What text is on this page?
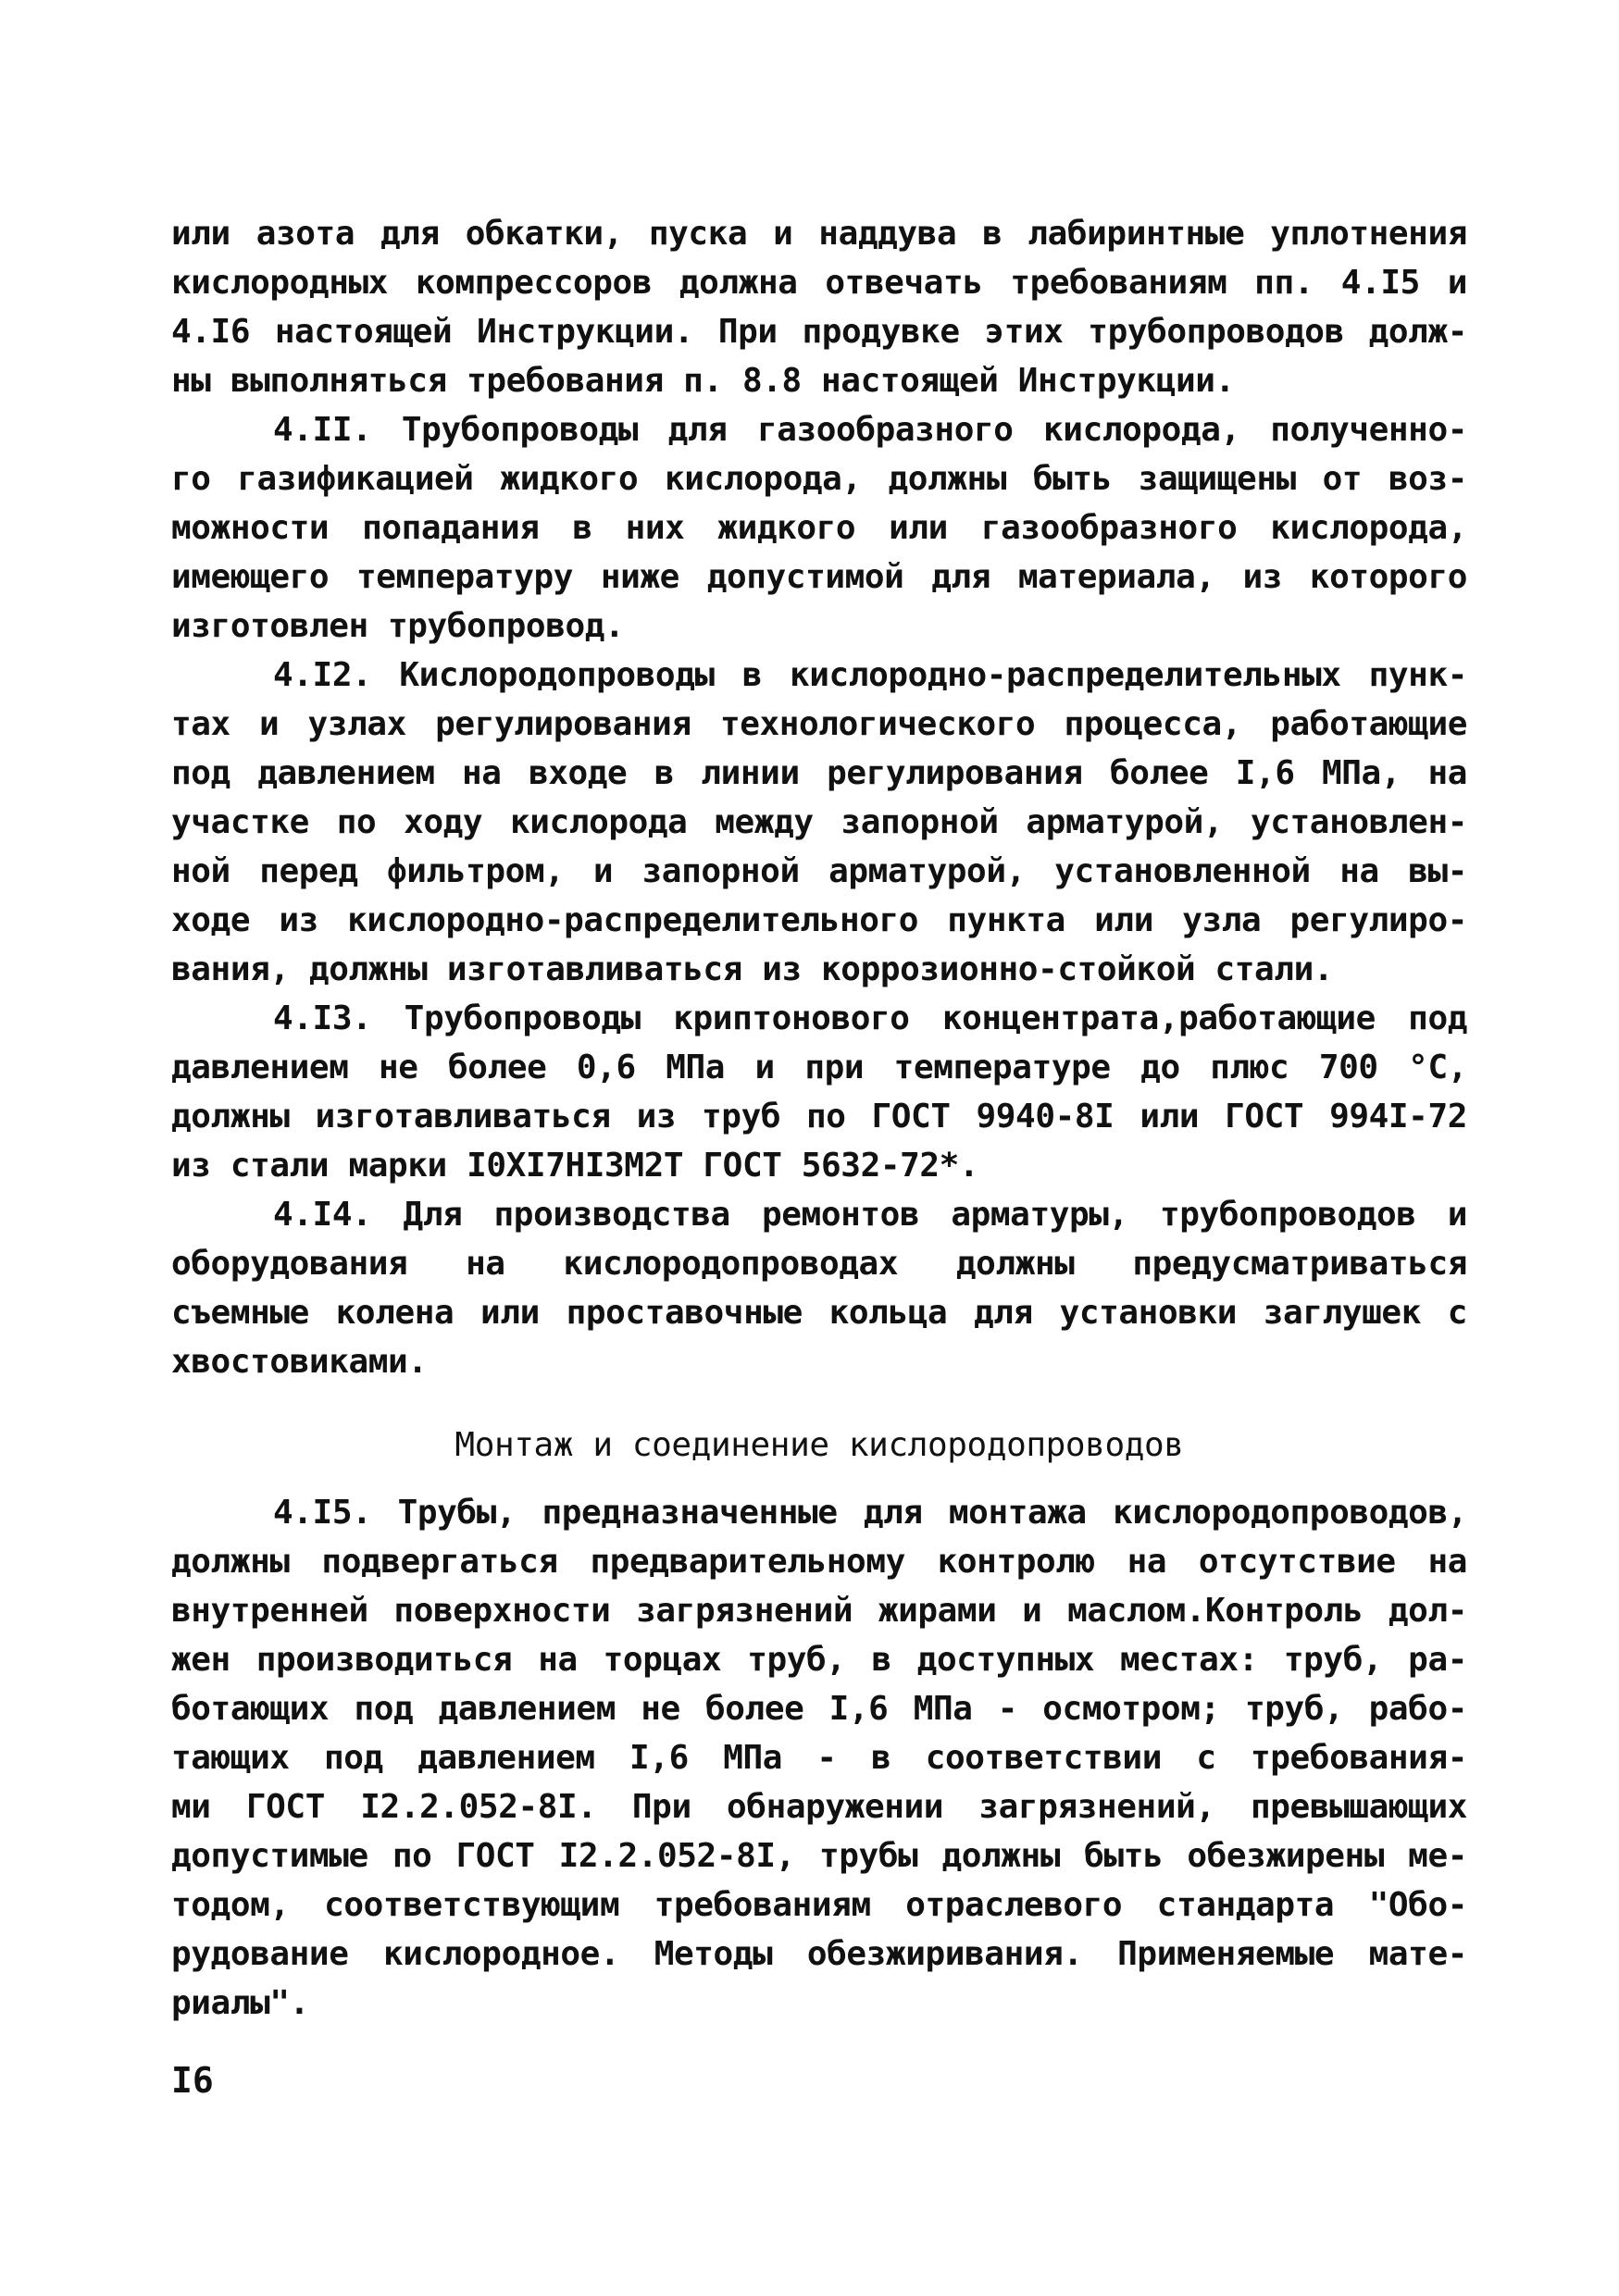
или азота для обкатки, пуска и наддува в лабиринтные уплотнения
кислородных компрессоров должна отвечать требованиям пп. 4.I5 и
4.I6 настоящей Инструкции. При продувке этих трубопроводов долж-
ны выполняться требования п. 8.8 настоящей Инструкции.
4.II. Трубопроводы для газообразного кислорода, полученно-
го газификацией жидкого кислорода, должны быть защищены от воз-
можности попадания в них жидкого или газообразного кислорода,
имеющего температуру ниже допустимой для материала, из которого
изготовлен трубопровод.
4.I2. Кислородопроводы в кислородно-распределительных пунк-
тах и узлах регулирования технологического процесса, работающие
под давлением на входе в линии регулирования более I,6 МПа, на
участке по ходу кислорода между запорной арматурой, установлен-
ной перед фильтром, и запорной арматурой, установленной на вы-
ходе из кислородно-распределительного пункта или узла регулиро-
вания, должны изготавливаться из коррозионно-стойкой стали.
4.I3. Трубопроводы криптонового концентрата,работающие под
давлением не более 0,6 МПа и при температуре до плюс 700 °С,
должны изготавливаться из труб по ГОСТ 9940-8I или ГОСТ 994I-72
из стали марки I0XI7HI3M2T ГОСТ 5632-72*.
4.I4. Для производства ремонтов арматуры, трубопроводов и
оборудования на кислородопроводах должны предусматриваться
съемные колена или проставочные кольца для установки заглушек с
хвостовиками.
Монтаж и соединение кислородопроводов
4.I5. Трубы, предназначенные для монтажа кислородопроводов,
должны подвергаться предварительному контролю на отсутствие на
внутренней поверхности загрязнений жирами и маслом.Контроль дол-
жен производиться на торцах труб, в доступных местах: труб, ра-
ботающих под давлением не более I,6 МПа - осмотром; труб, рабо-
тающих под давлением I,6 МПа - в соответствии с требования-
ми ГОСТ I2.2.052-8I. При обнаружении загрязнений, превышающих
допустимые по ГОСТ I2.2.052-8I, трубы должны быть обезжирены ме-
тодом, соответствующим требованиям отраслевого стандарта "Обо-
рудование кислородное. Методы обезжиривания. Применяемые мате-
риалы".
I6
